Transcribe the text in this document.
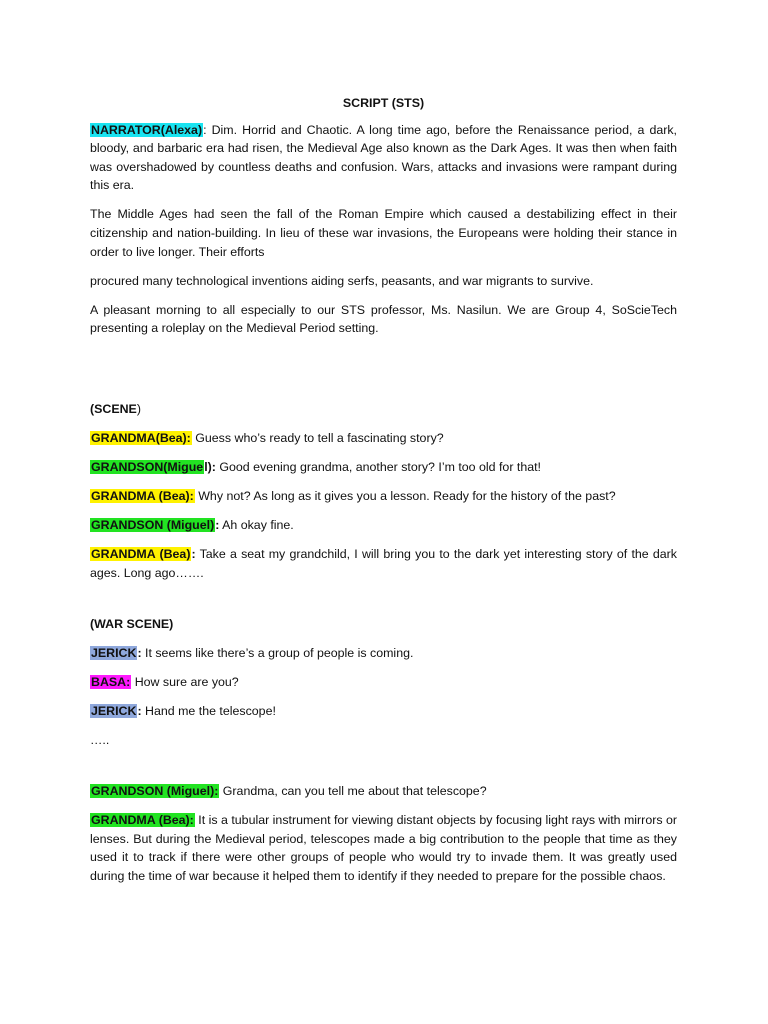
SCRIPT (STS)

NARRATOR(Alexa): Dim. Horrid and Chaotic. A long time ago, before the Renaissance period, a dark, bloody, and barbaric era had risen, the Medieval Age also known as the Dark Ages. It was then when faith was overshadowed by countless deaths and confusion. Wars, attacks and invasions were rampant during this era.

The Middle Ages had seen the fall of the Roman Empire which caused a destabilizing effect in their citizenship and nation-building. In lieu of these war invasions, the Europeans were holding their stance in order to live longer. Their efforts

procured many technological inventions aiding serfs, peasants, and war migrants to survive.

A pleasant morning to all especially to our STS professor, Ms. Nasilun. We are Group 4, SoScieTech presenting a roleplay on the Medieval Period setting.

(SCENE)

GRANDMA(Bea): Guess who’s ready to tell a fascinating story?

GRANDSON(Miguel): Good evening grandma, another story? I’m too old for that!

GRANDMA (Bea): Why not? As long as it gives you a lesson. Ready for the history of the past?

GRANDSON (Miguel): Ah okay fine.

GRANDMA (Bea): Take a seat my grandchild, I will bring you to the dark yet interesting story of the dark ages. Long ago…….

(WAR SCENE)

JERICK: It seems like there’s a group of people is coming.

BASA: How sure are you?

JERICK: Hand me the telescope!

…..

GRANDSON (Miguel): Grandma, can you tell me about that telescope?

GRANDMA (Bea): It is a tubular instrument for viewing distant objects by focusing light rays with mirrors or lenses. But during the Medieval period, telescopes made a big contribution to the people that time as they used it to track if there were other groups of people who would try to invade them. It was greatly used during the time of war because it helped them to identify if they needed to prepare for the possible chaos.
